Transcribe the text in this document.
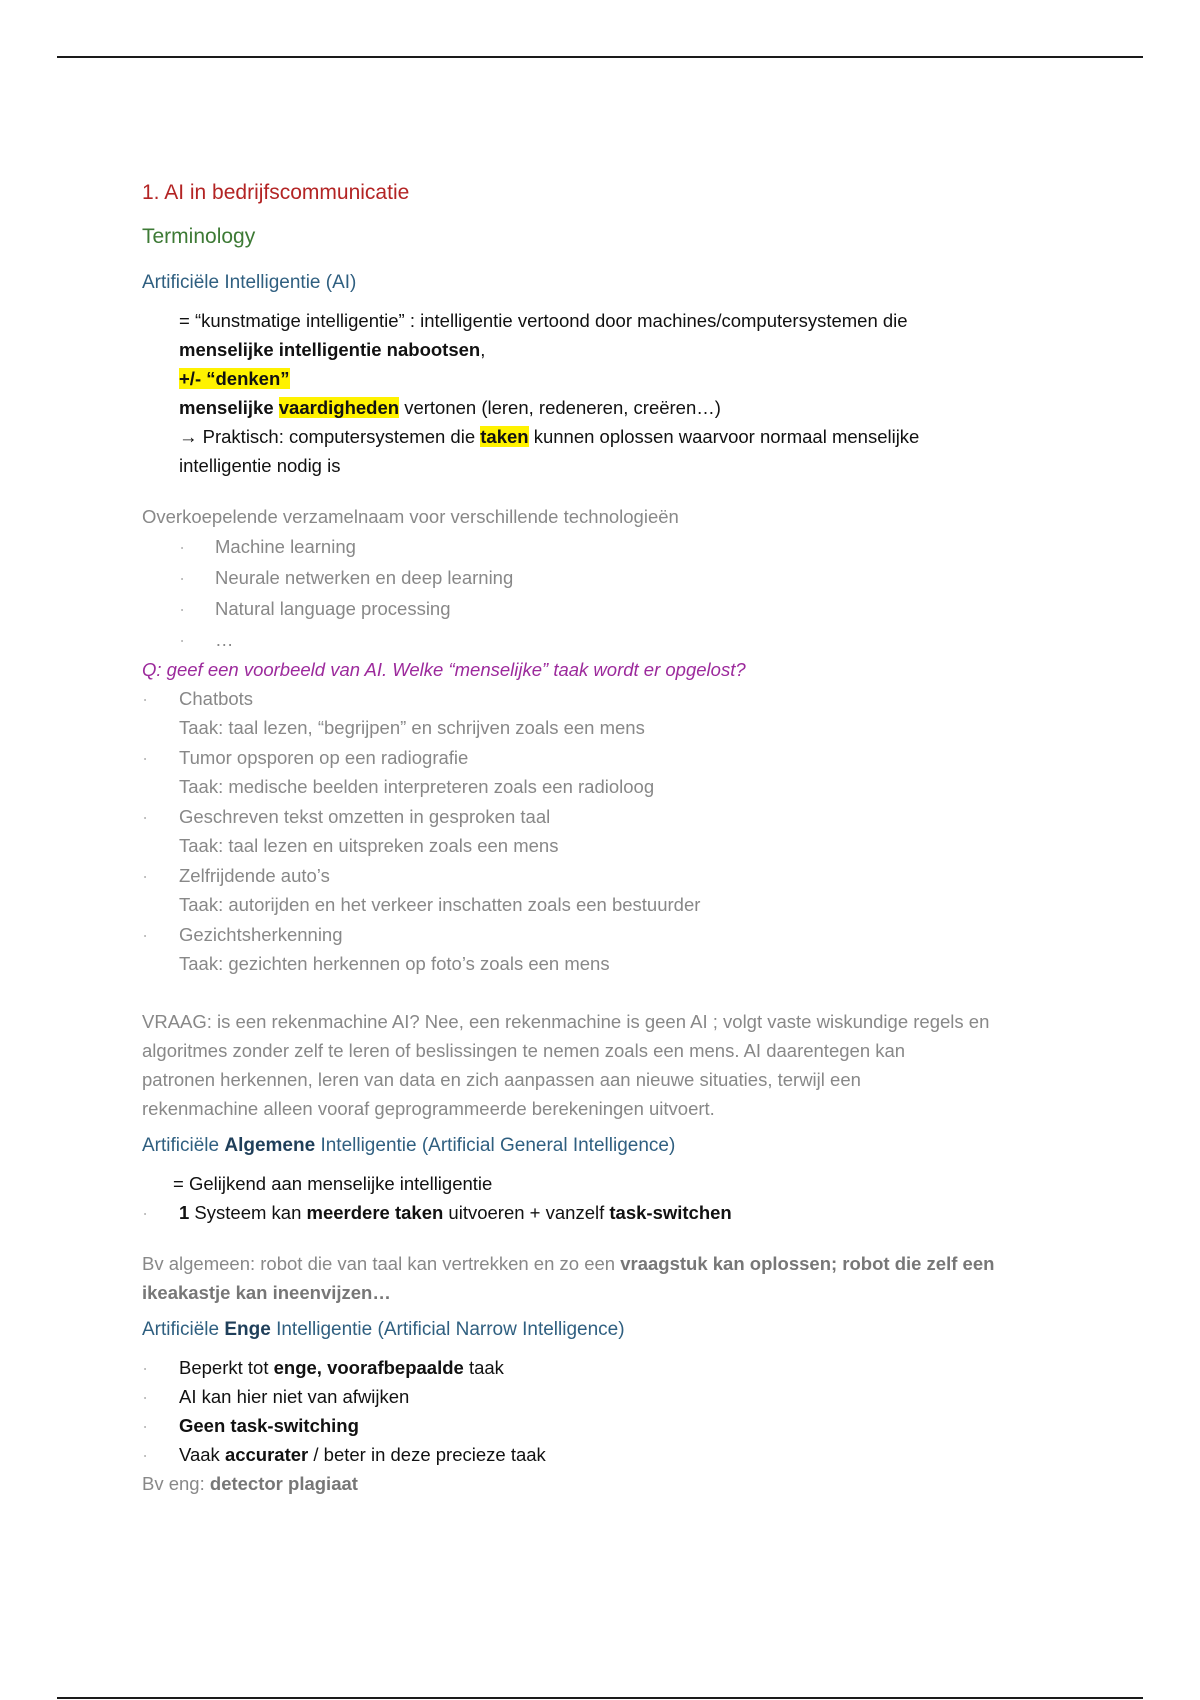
1. AI in bedrijfscommunicatie
Terminology
Artificiële Intelligentie (AI)
= “kunstmatige intelligentie” : intelligentie vertoond door machines/computersystemen die
menselijke intelligentie nabootsen,
+/- “denken”
menselijke vaardigheden vertonen (leren, redeneren, creëren…)
→ Praktisch: computersystemen die taken kunnen oplossen waarvoor normaal menselijke
intelligentie nodig is
Overkoepelende verzamelnaam voor verschillende technologieën
· Machine learning
· Neurale netwerken en deep learning
· Natural language processing
· …
Q: geef een voorbeeld van AI. Welke “menselijke” taak wordt er opgelost?
· Chatbots
Taak: taal lezen, “begrijpen” en schrijven zoals een mens
· Tumor opsporen op een radiografie
Taak: medische beelden interpreteren zoals een radioloog
· Geschreven tekst omzetten in gesproken taal
Taak: taal lezen en uitspreken zoals een mens
· Zelfrijdende auto’s
Taak: autorijden en het verkeer inschatten zoals een bestuurder
· Gezichtsherkenning
Taak: gezichten herkennen op foto’s zoals een mens
VRAAG: is een rekenmachine AI? Nee, een rekenmachine is geen AI ; volgt vaste wiskundige regels en
algoritmes zonder zelf te leren of beslissingen te nemen zoals een mens. AI daarentegen kan
patronen herkennen, leren van data en zich aanpassen aan nieuwe situaties, terwijl een
rekenmachine alleen vooraf geprogrammeerde berekeningen uitvoert.
Artificiële Algemene Intelligentie (Artificial General Intelligence)
= Gelijkend aan menselijke intelligentie
· 1 Systeem kan meerdere taken uitvoeren + vanzelf task-switchen
Bv algemeen: robot die van taal kan vertrekken en zo een vraagstuk kan oplossen; robot die zelf een
ikeakastje kan ineenvijzen…
Artificiële Enge Intelligentie (Artificial Narrow Intelligence)
· Beperkt tot enge, voorafbepaalde taak
· AI kan hier niet van afwijken
· Geen task-switching
· Vaak accurater / beter in deze precieze taak
Bv eng: detector plagiaat
